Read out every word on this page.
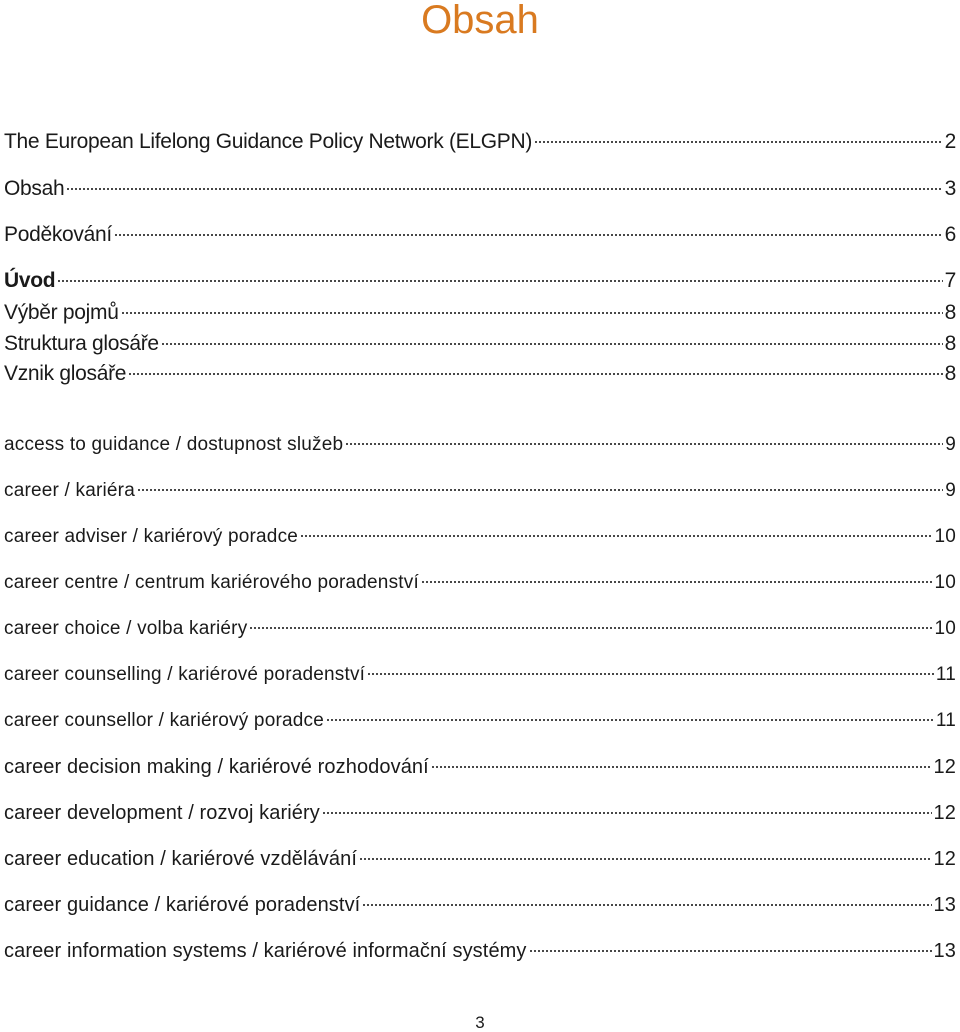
Obsah
The European Lifelong Guidance Policy Network (ELGPN)	2
Obsah	3
Poděkování	6
Úvod	7
Výběr pojmů	8
Struktura glosáře	8
Vznik glosáře	8
access to guidance / dostupnost služeb	9
career / kariéra	9
career adviser / kariérový poradce	10
career centre / centrum kariérového poradenství	10
career choice / volba kariéry	10
career counselling / kariérové poradenství	11
career counsellor / kariérový poradce	11
career decision making / kariérové rozhodování	12
career development / rozvoj kariéry	12
career education / kariérové vzdělávání	12
career guidance / kariérové poradenství	13
career information systems / kariérové informační systémy	13
3
